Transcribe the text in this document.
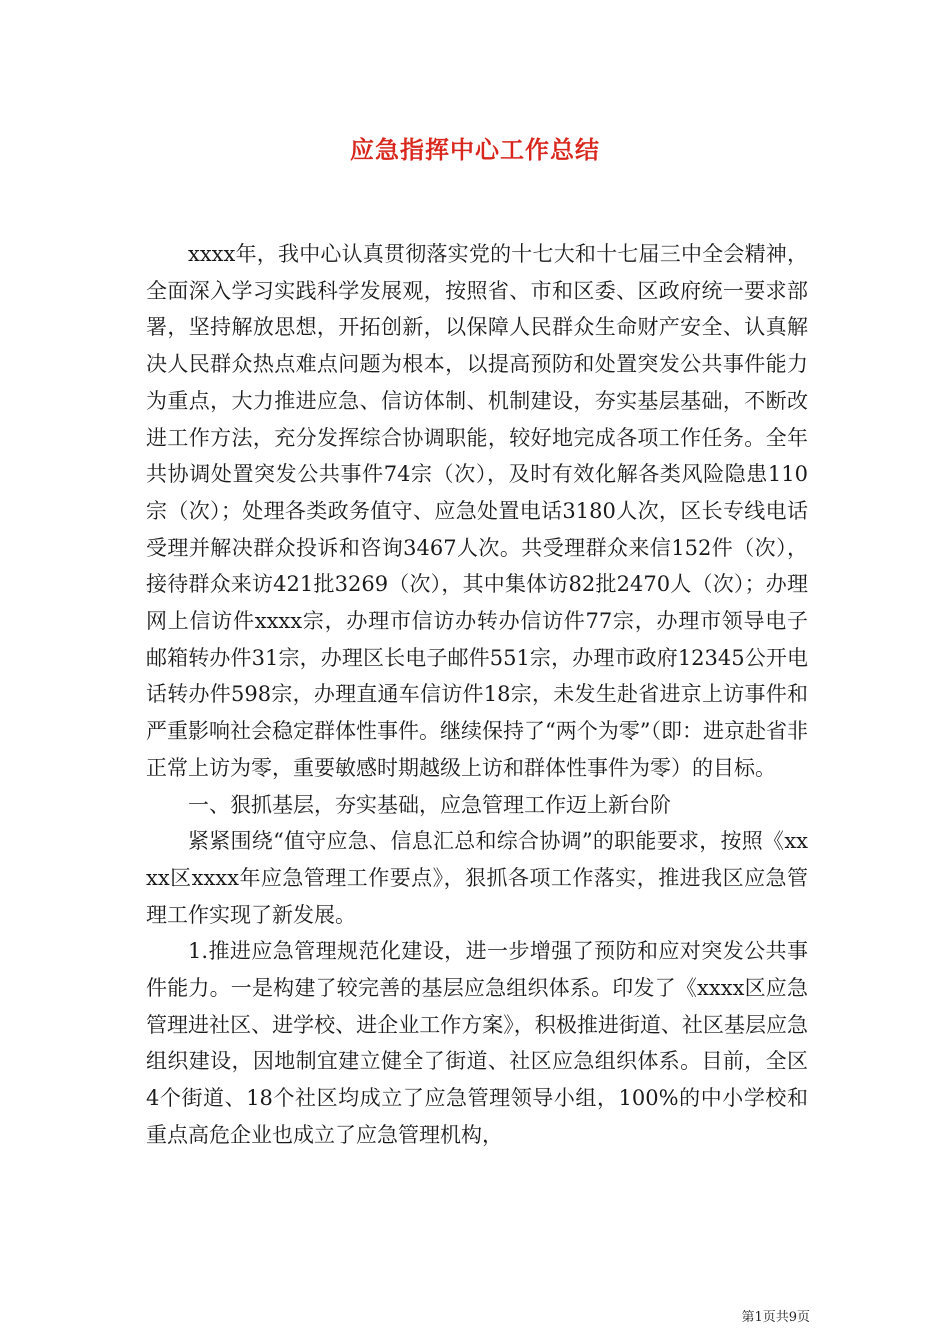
应急指挥中心工作总结

xxxx年，我中心认真贯彻落实党的十七大和十七届三中全会精神，全面深入学习实践科学发展观，按照省、市和区委、区政府统一要求部署，坚持解放思想，开拓创新，以保障人民群众生命财产安全、认真解决人民群众热点难点问题为根本，以提高预防和处置突发公共事件能力为重点，大力推进应急、信访体制、机制建设，夯实基层基础，不断改进工作方法，充分发挥综合协调职能，较好地完成各项工作任务。全年共协调处置突发公共事件74宗（次），及时有效化解各类风险隐患110宗（次）；处理各类政务值守、应急处置电话3180人次，区长专线电话受理并解决群众投诉和咨询3467人次。共受理群众来信152件（次），接待群众来访421批3269（次），其中集体访82批2470人（次）；办理网上信访件xxxx宗，办理市信访办转办信访件77宗，办理市领导电子邮箱转办件31宗，办理区长电子邮件551宗，办理市政府12345公开电话转办件598宗，办理直通车信访件18宗，未发生赴省进京上访事件和严重影响社会稳定群体性事件。继续保持了“两个为零”（即：进京赴省非正常上访为零，重要敏感时期越级上访和群体性事件为零）的目标。

一、狠抓基层，夯实基础，应急管理工作迈上新台阶

紧紧围绕“值守应急、信息汇总和综合协调”的职能要求，按照《xxxx区xxxx年应急管理工作要点》，狠抓各项工作落实，推进我区应急管理工作实现了新发展。

1.推进应急管理规范化建设，进一步增强了预防和应对突发公共事件能力。一是构建了较完善的基层应急组织体系。印发了《xxxx区应急管理进社区、进学校、进企业工作方案》，积极推进街道、社区基层应急组织建设，因地制宜建立健全了街道、社区应急组织体系。目前，全区4个街道、18个社区均成立了应急管理领导小组，100%的中小学校和重点高危企业也成立了应急管理机构，

第1页共9页
